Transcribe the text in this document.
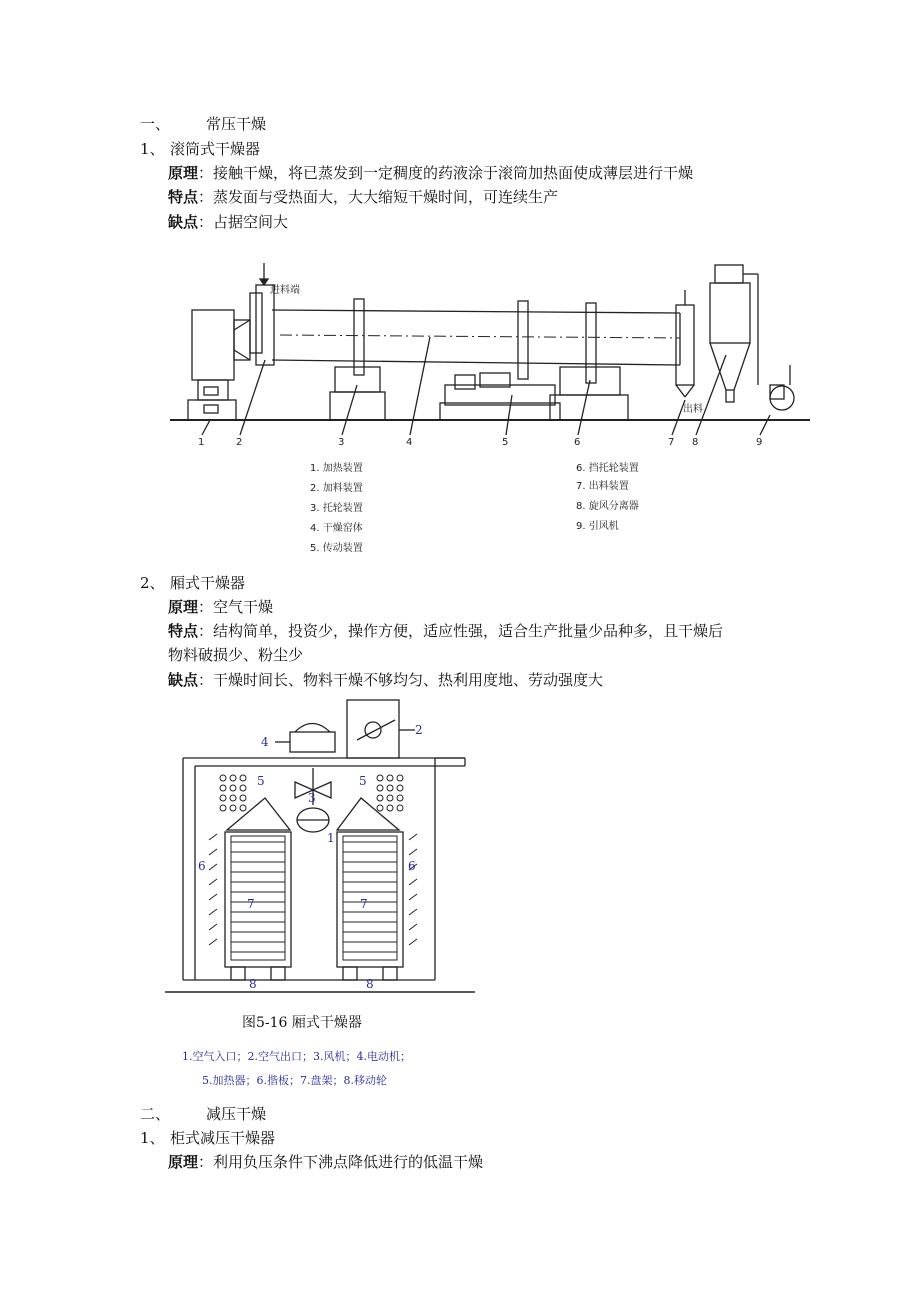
一、 常压干燥
1、 滚筒式干燥器
原理：接触干燥，将已蒸发到一定稠度的药液涂于滚筒加热面使成薄层进行干燥
特点：蒸发面与受热面大，大大缩短干燥时间，可连续生产
缺点：占据空间大
进料端
出料
1	2	3	4	5	6	7 8	9
1. 加热装置
2. 加料装置
3. 托轮装置
4. 干燥窑体
5. 传动装置
6. 挡托轮装置
7. 出料装置
8. 旋风分离器
9. 引风机
2、 厢式干燥器
原理：空气干燥
特点：结构简单，投资少，操作方便，适应性强，适合生产批量少品种多，且干燥后
物料破损少、粉尘少
缺点：干燥时间长、物料干燥不够均匀、热利用度地、劳动强度大
4
2
1
3
5	5
6	6
7	7
8	8
图5-16 厢式干燥器
1.空气入口；2.空气出口；3.风机；4.电动机；
5.加热器；6.揩板；7.盘架；8.移动轮
二、 减压干燥
1、 柜式减压干燥器
原理：利用负压条件下沸点降低进行的低温干燥
